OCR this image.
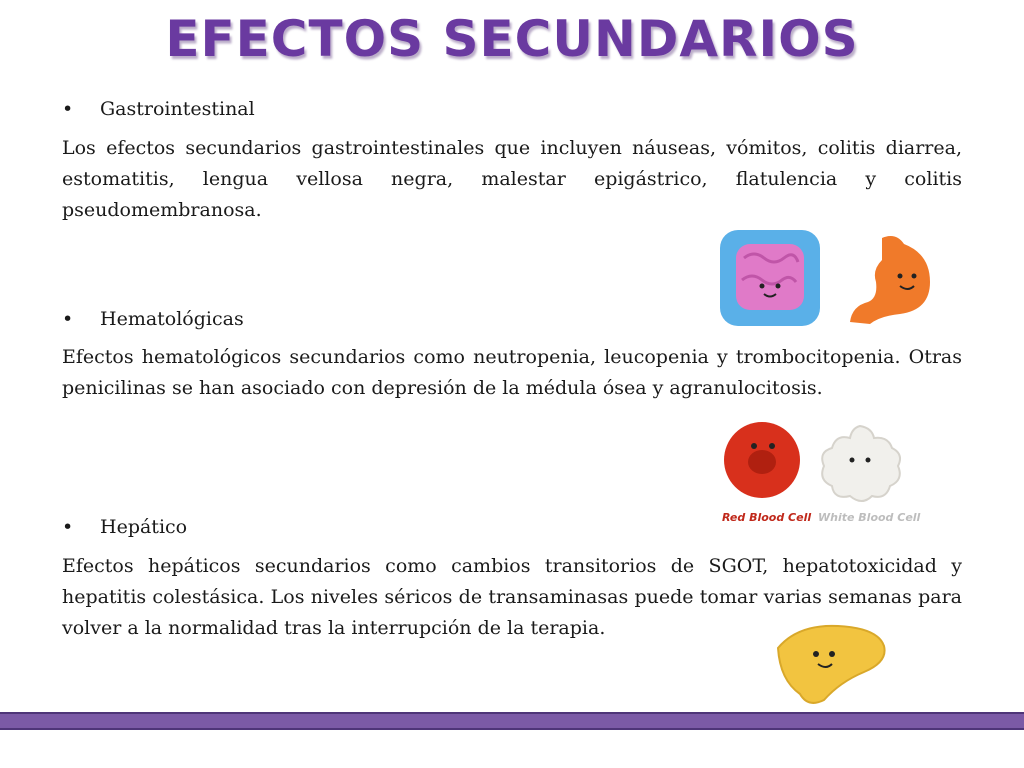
EFECTOS SECUNDARIOS
•	Gastrointestinal
Los efectos secundarios gastrointestinales que incluyen náuseas, vómitos, colitis diarrea, estomatitis, lengua vellosa negra, malestar epigástrico, flatulencia y colitis pseudomembranosa.
•	Hematológicas
Efectos hematológicos secundarios como neutropenia, leucopenia y trombocitopenia. Otras penicilinas se han asociado con depresión de la médula ósea y agranulocitosis.
•	Hepático
Efectos hepáticos secundarios como cambios transitorios de SGOT, hepatotoxicidad y hepatitis colestásica. Los niveles séricos de transaminasas puede tomar varias semanas para volver a la normalidad tras la interrupción de la terapia.
Red Blood Cell White Blood Cell
